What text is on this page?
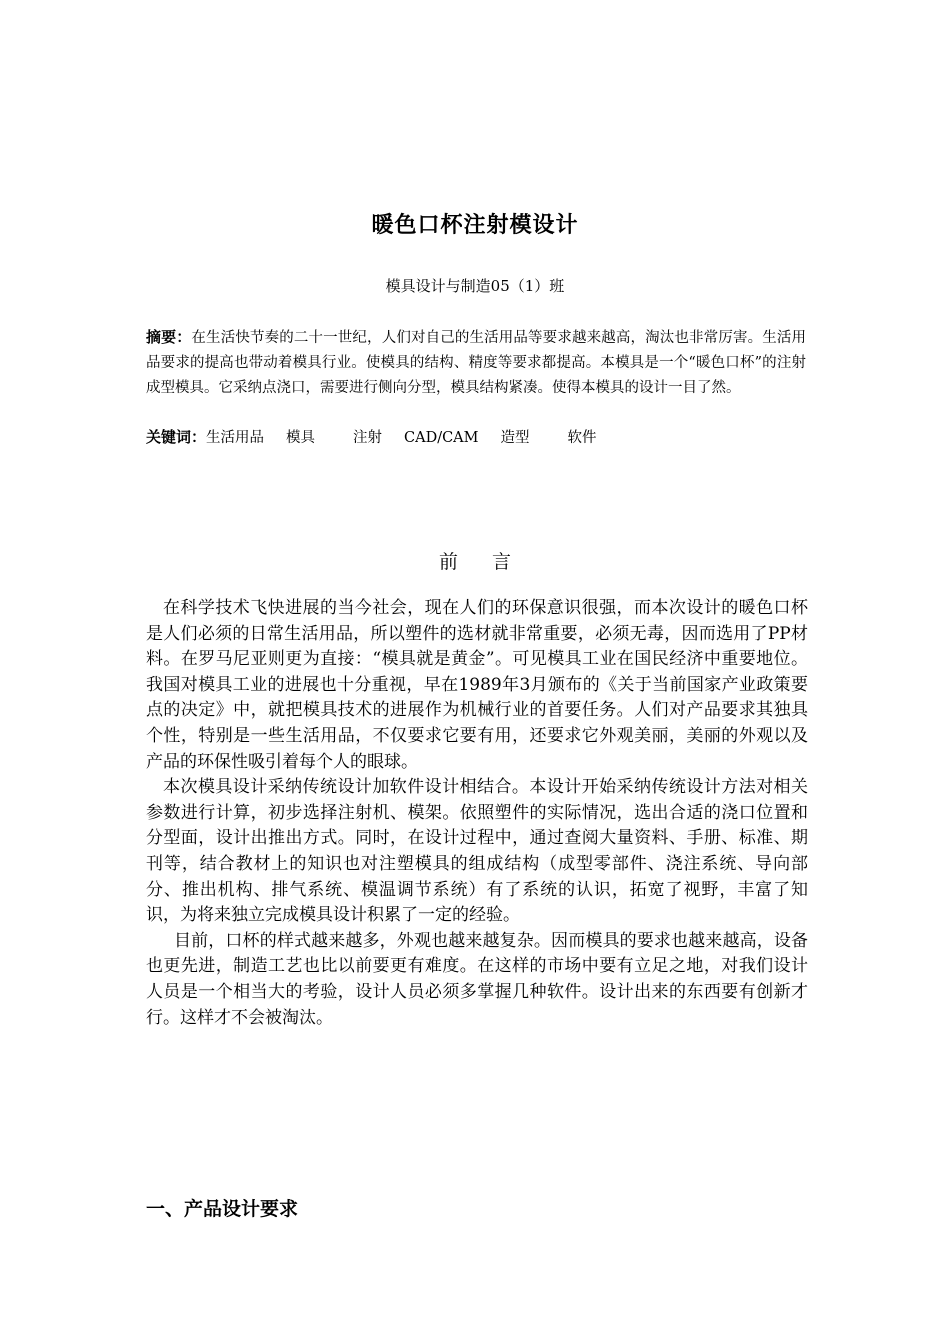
暖色口杯注射模设计
模具设计与制造05（1）班
摘要：在生活快节奏的二十一世纪，人们对自己的生活用品等要求越来越高，淘汰也非常厉害。生活用品要求的提高也带动着模具行业。使模具的结构、精度等要求都提高。本模具是一个“暖色口杯”的注射成型模具。它采纳点浇口，需要进行侧向分型，模具结构紧凑。使得本模具的设计一目了然。
关键词：生活用品 模具	注射 CAD/CAM 造型	软件
前言

在科学技术飞快进展的当今社会，现在人们的环保意识很强，而本次设计的暖色口杯是人们必须的日常生活用品，所以塑件的选材就非常重要，必须无毒，因而选用了PP材料。在罗马尼亚则更为直接：“模具就是黄金”。可见模具工业在国民经济中重要地位。我国对模具工业的进展也十分重视，早在1989年3月颁布的《关于当前国家产业政策要点的决定》中，就把模具技术的进展作为机械行业的首要任务。人们对产品要求其独具个性，特别是一些生活用品，不仅要求它要有用，还要求它外观美丽，美丽的外观以及产品的环保性吸引着每个人的眼球。

本次模具设计采纳传统设计加软件设计相结合。本设计开始采纳传统设计方法对相关参数进行计算，初步选择注射机、模架。依照塑件的实际情况，选出合适的浇口位置和分型面，设计出推出方式。同时，在设计过程中，通过查阅大量资料、手册、标准、期刊等，结合教材上的知识也对注塑模具的组成结构（成型零部件、浇注系统、导向部分、推出机构、排气系统、模温调节系统）有了系统的认识，拓宽了视野，丰富了知识，为将来独立完成模具设计积累了一定的经验。

目前，口杯的样式越来越多，外观也越来越复杂。因而模具的要求也越来越高，设备也更先进，制造工艺也比以前要更有难度。在这样的市场中要有立足之地，对我们设计人员是一个相当大的考验，设计人员必须多掌握几种软件。设计出来的东西要有创新才行。这样才不会被淘汰。

一、产品设计要求
